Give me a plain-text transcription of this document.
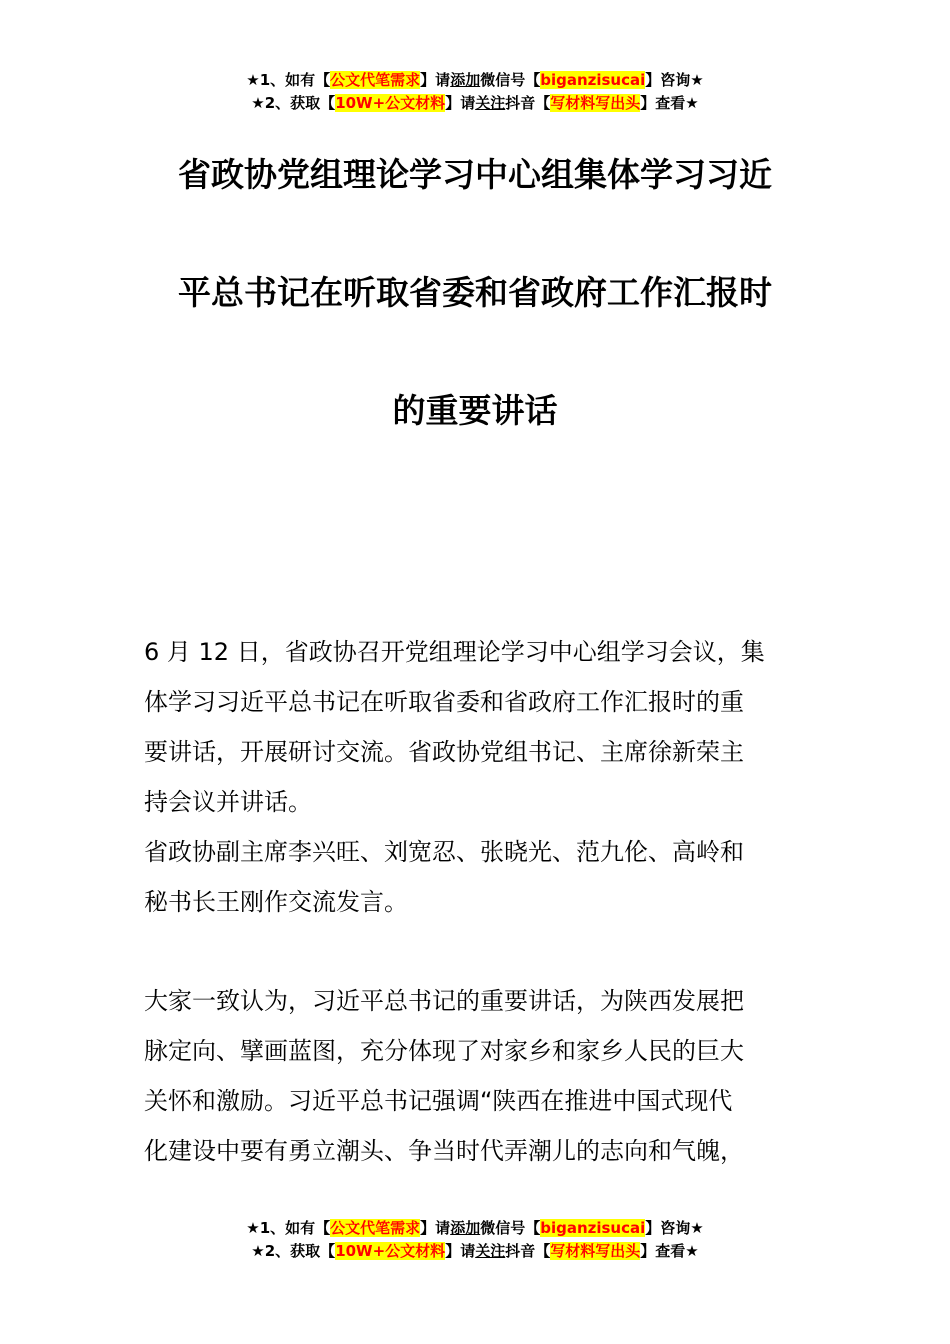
★1、如有【公文代笔需求】请添加微信号【biganzisucai】咨询★
★2、获取【10W+公文材料】请关注抖音【写材料写出头】查看★
省政协党组理论学习中心组集体学习习近
平总书记在听取省委和省政府工作汇报时
的重要讲话
6 月 12 日，省政协召开党组理论学习中心组学习会议，集
体学习习近平总书记在听取省委和省政府工作汇报时的重
要讲话，开展研讨交流。省政协党组书记、主席徐新荣主
持会议并讲话。
省政协副主席李兴旺、刘宽忍、张晓光、范九伦、高岭和
秘书长王刚作交流发言。
大家一致认为，习近平总书记的重要讲话，为陕西发展把
脉定向、擘画蓝图，充分体现了对家乡和家乡人民的巨大
关怀和激励。习近平总书记强调“陕西在推进中国式现代
化建设中要有勇立潮头、争当时代弄潮儿的志向和气魄，
★1、如有【公文代笔需求】请添加微信号【biganzisucai】咨询★
★2、获取【10W+公文材料】请关注抖音【写材料写出头】查看★
